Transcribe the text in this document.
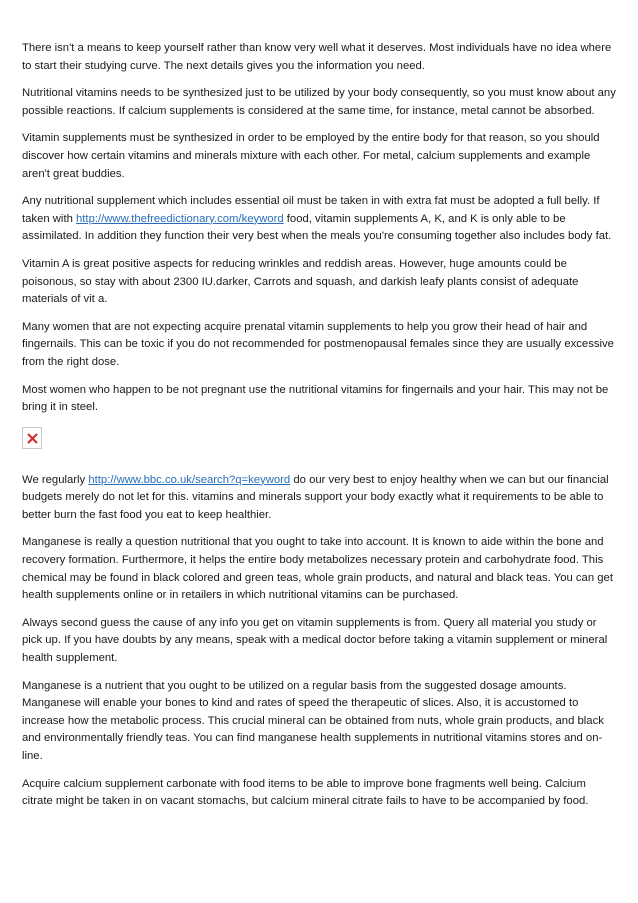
There isn't a means to keep yourself rather than know very well what it deserves. Most individuals have no idea where to start their studying curve. The next details gives you the information you need.

Nutritional vitamins needs to be synthesized just to be utilized by your body consequently, so you must know about any possible reactions. If calcium supplements is considered at the same time, for instance, metal cannot be absorbed.

Vitamin supplements must be synthesized in order to be employed by the entire body for that reason, so you should discover how certain vitamins and minerals mixture with each other. For metal, calcium supplements and example aren't great buddies.

Any nutritional supplement which includes essential oil must be taken in with extra fat must be adopted a full belly. If taken with http://www.thefreedictionary.com/keyword food, vitamin supplements A, K, and K is only able to be assimilated. In addition they function their very best when the meals you're consuming together also includes body fat.

Vitamin A is great positive aspects for reducing wrinkles and reddish areas. However, huge amounts could be poisonous, so stay with about 2300 IU.darker, Carrots and squash, and darkish leafy plants consist of adequate materials of vit a.

Many women that are not expecting acquire prenatal vitamin supplements to help you grow their head of hair and fingernails. This can be toxic if you do not recommended for postmenopausal females since they are usually excessive from the right dose.

Most women who happen to be not pregnant use the nutritional vitamins for fingernails and your hair. This may not be bring it in steel.

We regularly http://www.bbc.co.uk/search?q=keyword do our very best to enjoy healthy when we can but our financial budgets merely do not let for this. vitamins and minerals support your body exactly what it requirements to be able to better burn the fast food you eat to keep healthier.

Manganese is really a question nutritional that you ought to take into account. It is known to aide within the bone and recovery formation. Furthermore, it helps the entire body metabolizes necessary protein and carbohydrate food. This chemical may be found in black colored and green teas, whole grain products, and natural and black teas. You can get health supplements online or in retailers in which nutritional vitamins can be purchased.

Always second guess the cause of any info you get on vitamin supplements is from. Query all material you study or pick up. If you have doubts by any means, speak with a medical doctor before taking a vitamin supplement or mineral health supplement.

Manganese is a nutrient that you ought to be utilized on a regular basis from the suggested dosage amounts. Manganese will enable your bones to kind and rates of speed the therapeutic of slices. Also, it is accustomed to increase how the metabolic process. This crucial mineral can be obtained from nuts, whole grain products, and black and environmentally friendly teas. You can find manganese health supplements in nutritional vitamins stores and on-line.

Acquire calcium supplement carbonate with food items to be able to improve bone fragments well being. Calcium citrate might be taken in on vacant stomachs, but calcium mineral citrate fails to have to be accompanied by food.
